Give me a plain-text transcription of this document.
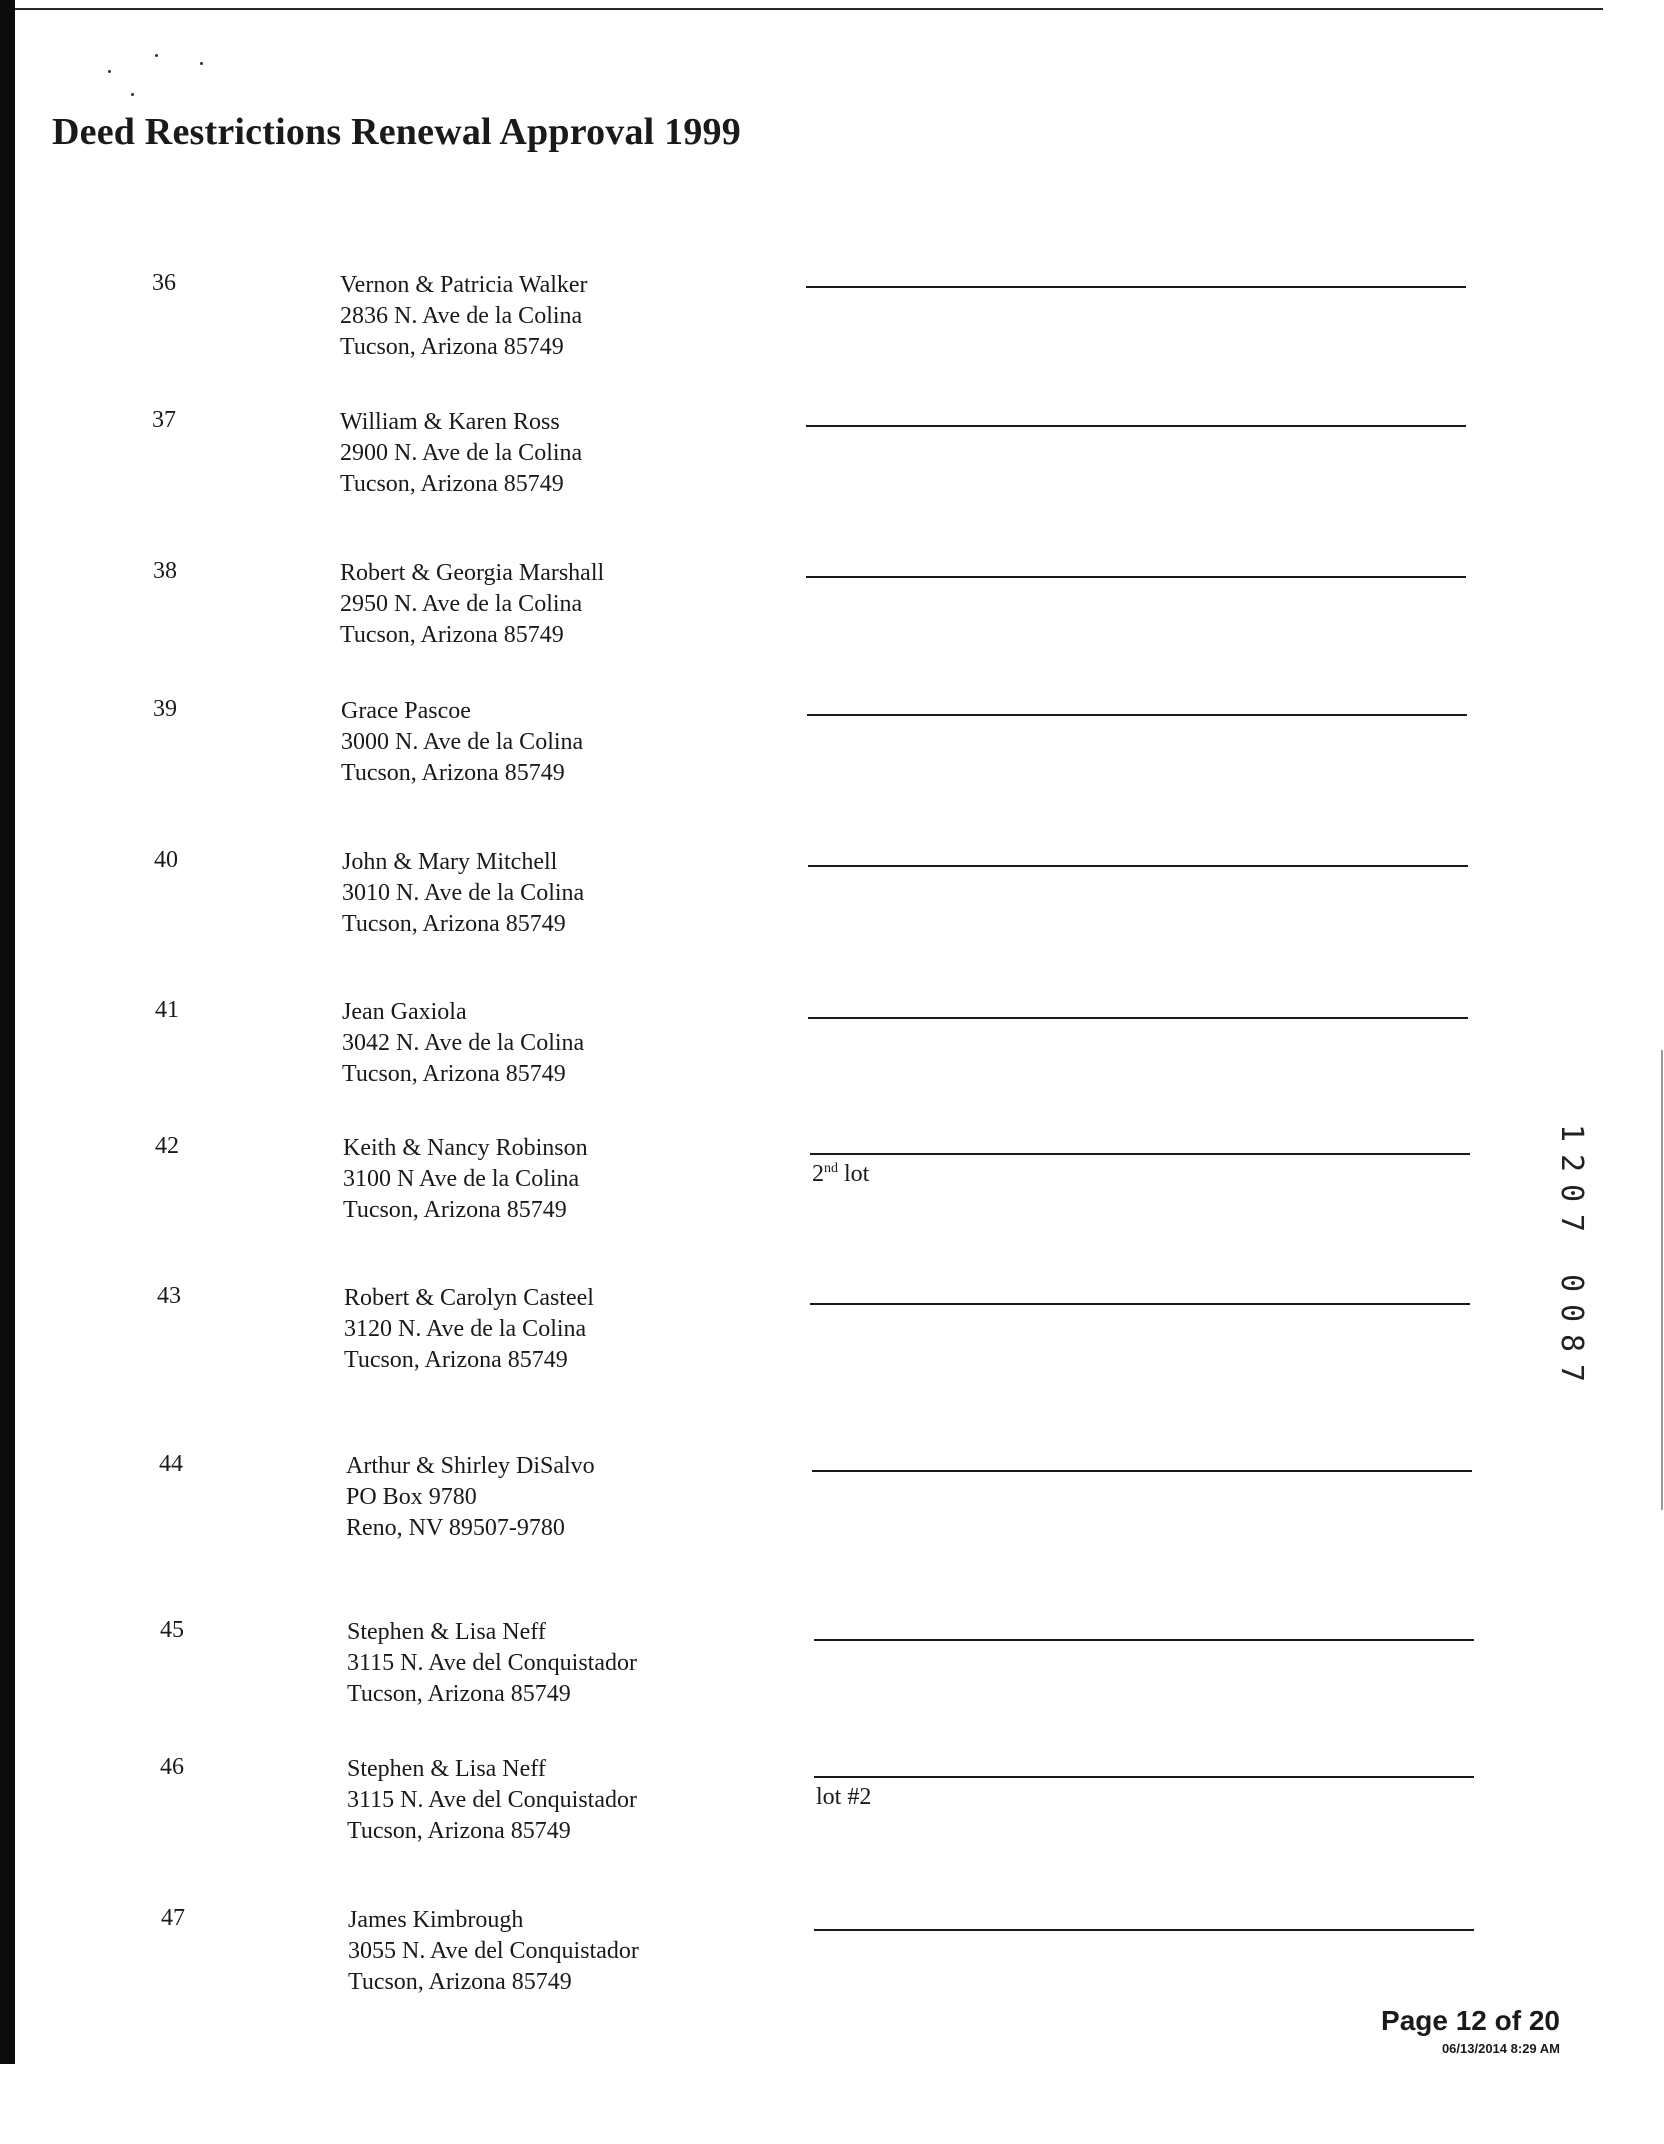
Deed Restrictions Renewal Approval 1999
36	Vernon & Patricia Walker
2836 N. Ave de la Colina
Tucson, Arizona 85749
37	William & Karen Ross
2900 N. Ave de la Colina
Tucson, Arizona 85749
38	Robert & Georgia Marshall
2950 N. Ave de la Colina
Tucson, Arizona 85749
39	Grace Pascoe
3000 N. Ave de la Colina
Tucson, Arizona 85749
40	John & Mary Mitchell
3010 N. Ave de la Colina
Tucson, Arizona 85749
41	Jean Gaxiola
3042 N. Ave de la Colina
Tucson, Arizona 85749
42	Keith & Nancy Robinson
3100 N Ave de la Colina
Tucson, Arizona 85749
2nd lot
43	Robert & Carolyn Casteel
3120 N. Ave de la Colina
Tucson, Arizona 85749
44	Arthur & Shirley DiSalvo
PO Box 9780
Reno, NV 89507-9780
45	Stephen & Lisa Neff
3115 N. Ave del Conquistador
Tucson, Arizona 85749
46	Stephen & Lisa Neff
3115 N. Ave del Conquistador
Tucson, Arizona 85749
lot #2
47	James Kimbrough
3055 N. Ave del Conquistador
Tucson, Arizona 85749
1
2
0
7

0
0
8
7
Page 12 of 20
06/13/2014 8:29 AM
